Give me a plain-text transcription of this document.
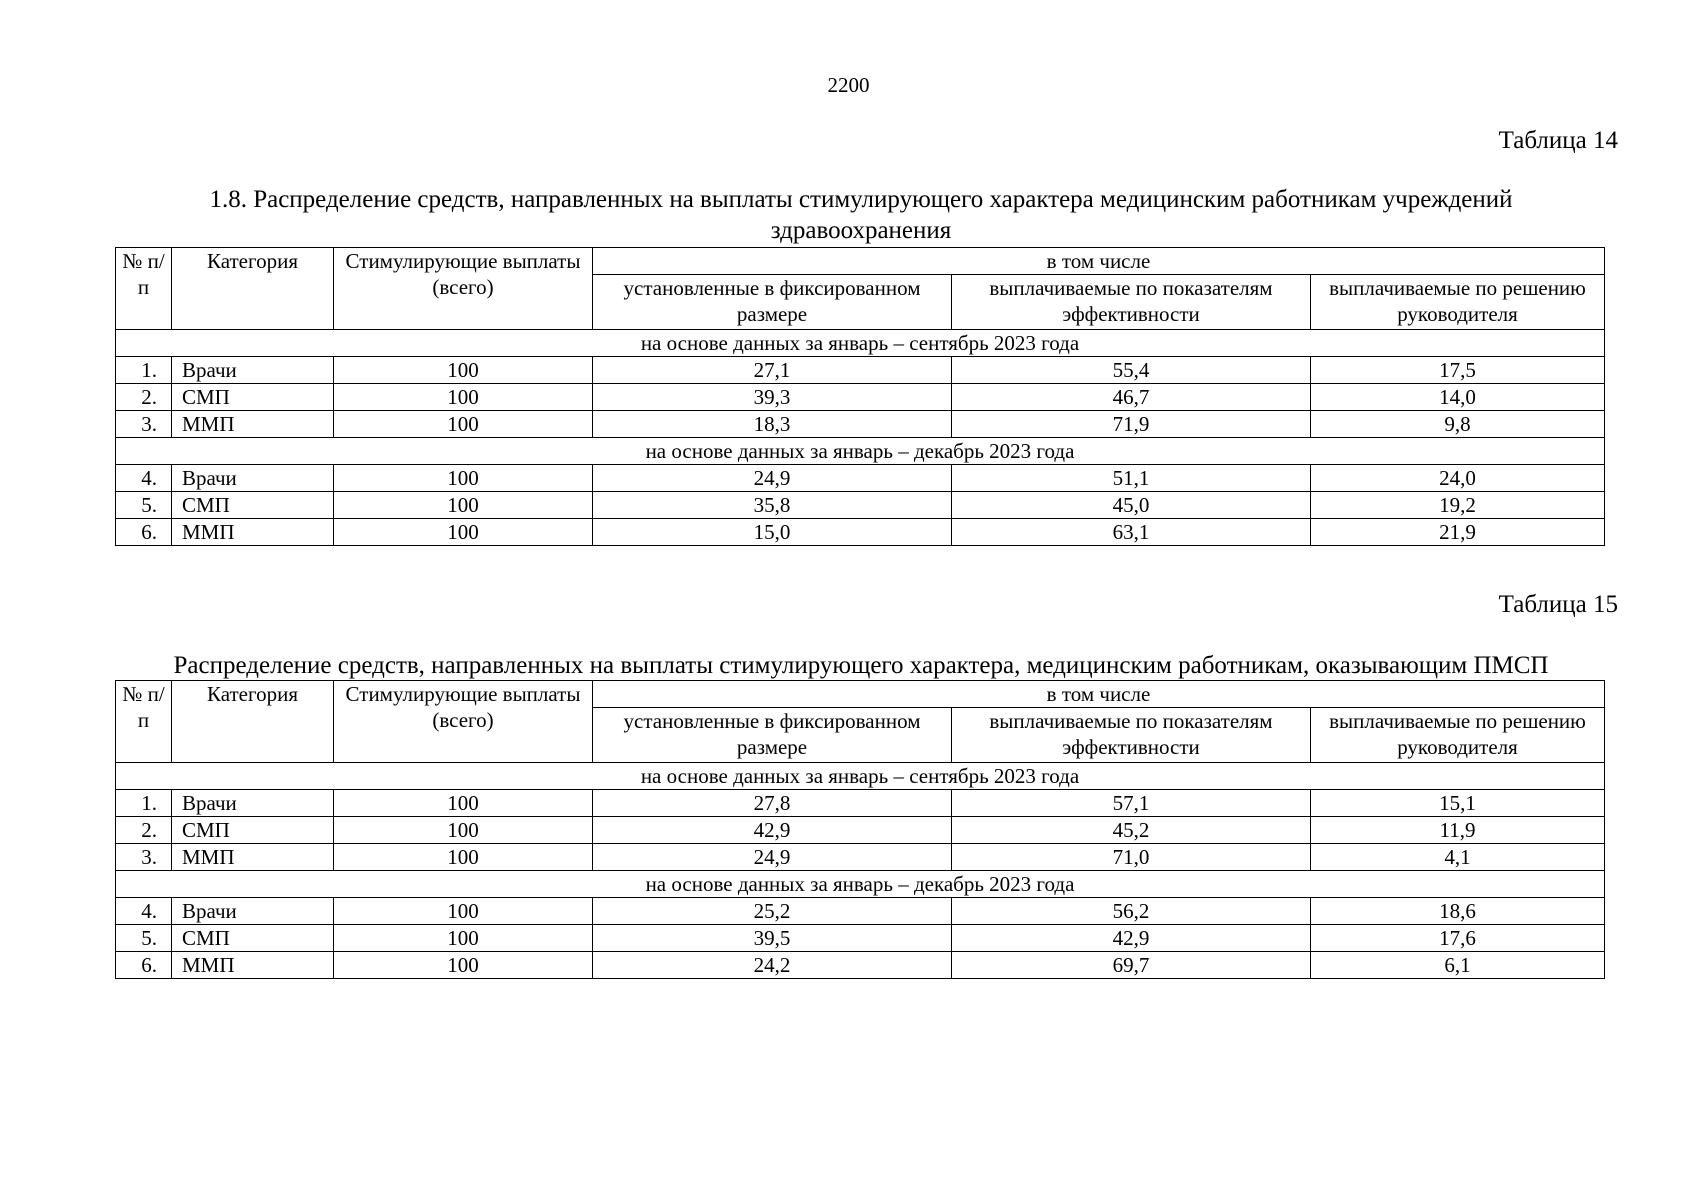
2200
Таблица 14
1.8. Распределение средств, направленных на выплаты стимулирующего характера медицинским работникам учреждений
здравоохранения
№ п/п	Категория	Стимулирующие выплаты (всего)	в том числе		
			установленные в фиксированном размере	выплачиваемые по показателям эффективности	выплачиваемые по решению руководителя
на основе данных за январь – сентябрь 2023 года					
1.	Врачи	100	27,1	55,4	17,5
2.	СМП	100	39,3	46,7	14,0
3.	ММП	100	18,3	71,9	9,8
на основе данных за январь – декабрь 2023 года					
4.	Врачи	100	24,9	51,1	24,0
5.	СМП	100	35,8	45,0	19,2
6.	ММП	100	15,0	63,1	21,9
Таблица 15
Распределение средств, направленных на выплаты стимулирующего характера, медицинским работникам, оказывающим ПМСП
№ п/п	Категория	Стимулирующие выплаты (всего)	в том числе		
			установленные в фиксированном размере	выплачиваемые по показателям эффективности	выплачиваемые по решению руководителя
на основе данных за январь – сентябрь 2023 года					
1.	Врачи	100	27,8	57,1	15,1
2.	СМП	100	42,9	45,2	11,9
3.	ММП	100	24,9	71,0	4,1
на основе данных за январь – декабрь 2023 года					
4.	Врачи	100	25,2	56,2	18,6
5.	СМП	100	39,5	42,9	17,6
6.	ММП	100	24,2	69,7	6,1
